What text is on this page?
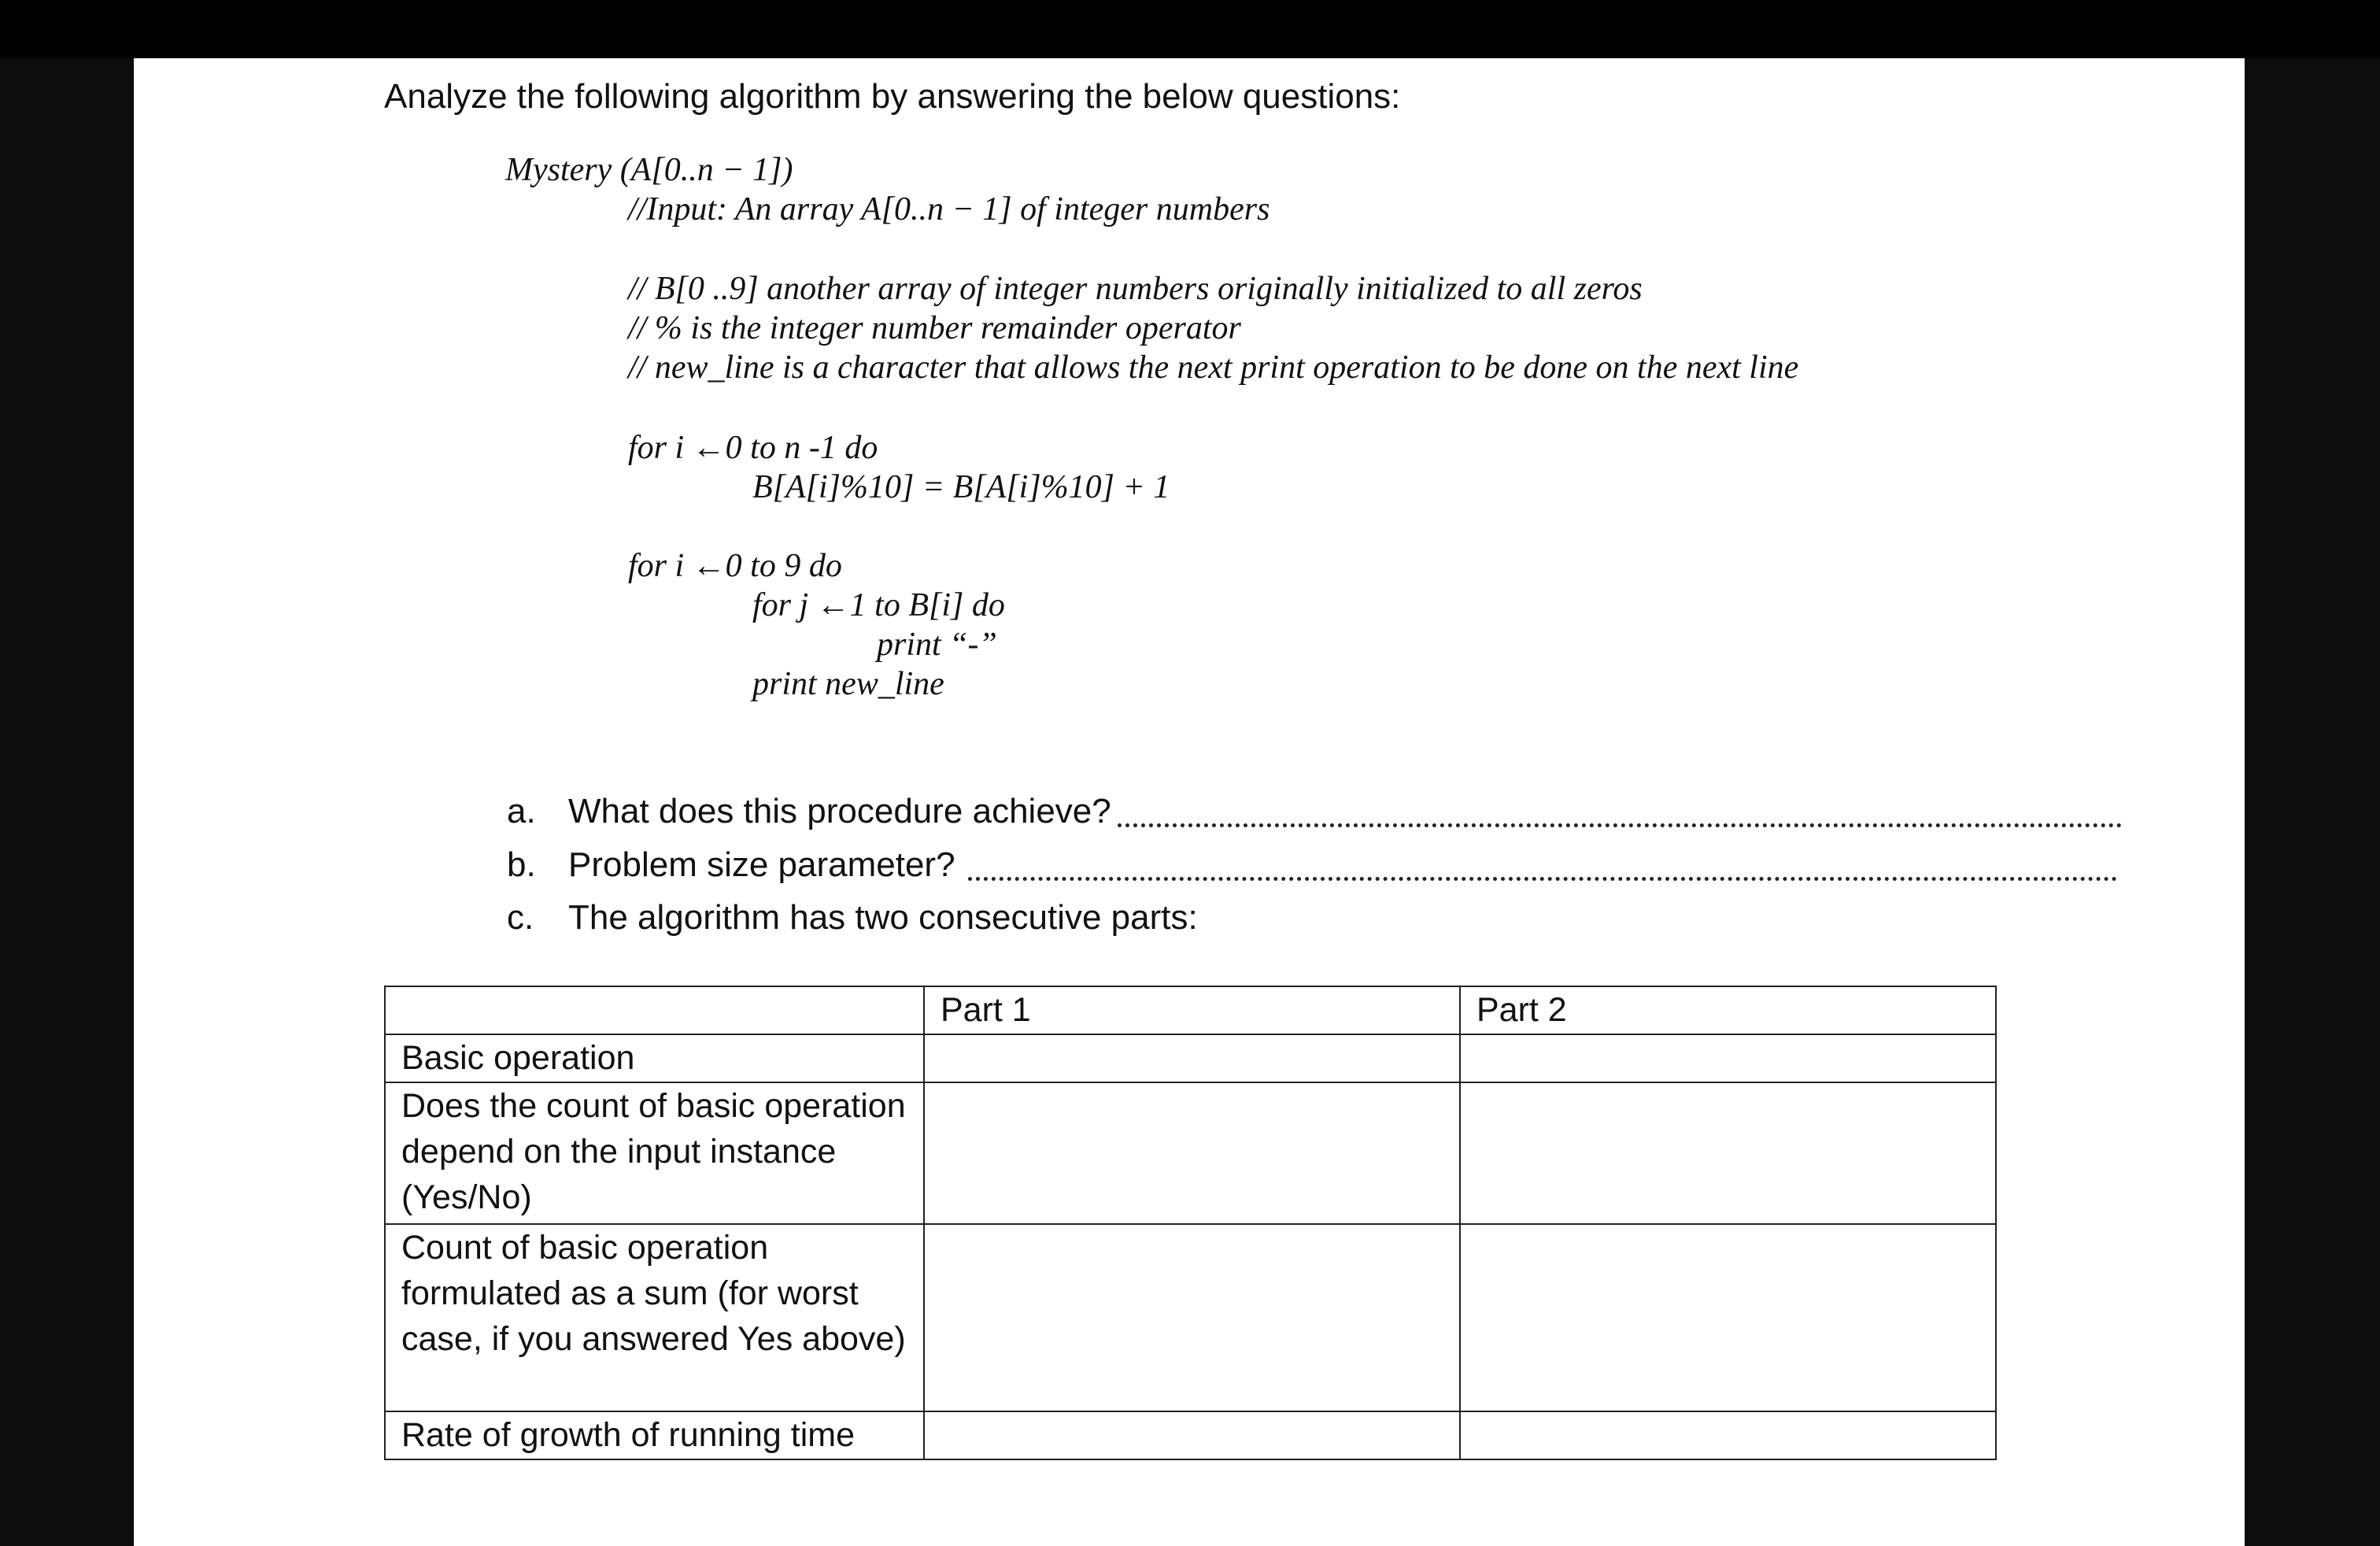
Analyze the following algorithm by answering the below questions:
Mystery (A[0..n − 1])
//Input: An array A[0..n − 1] of integer numbers
// B[0 ..9] another array of integer numbers originally initialized to all zeros
// % is the integer number remainder operator
// new_line is a character that allows the next print operation to be done on the next line
for i ←0 to n -1 do
B[A[i]%10] = B[A[i]%10] + 1
for i ←0 to 9 do
for j ←1 to B[i] do
print “-”
print new_line
a. What does this procedure achieve?
b. Problem size parameter?
c. The algorithm has two consecutive parts:
	Part 1	Part 2
Basic operation		
Does the count of basic operation depend on the input instance (Yes/No)		
Count of basic operation formulated as a sum (for worst case, if you answered Yes above)		
Rate of growth of running time		
